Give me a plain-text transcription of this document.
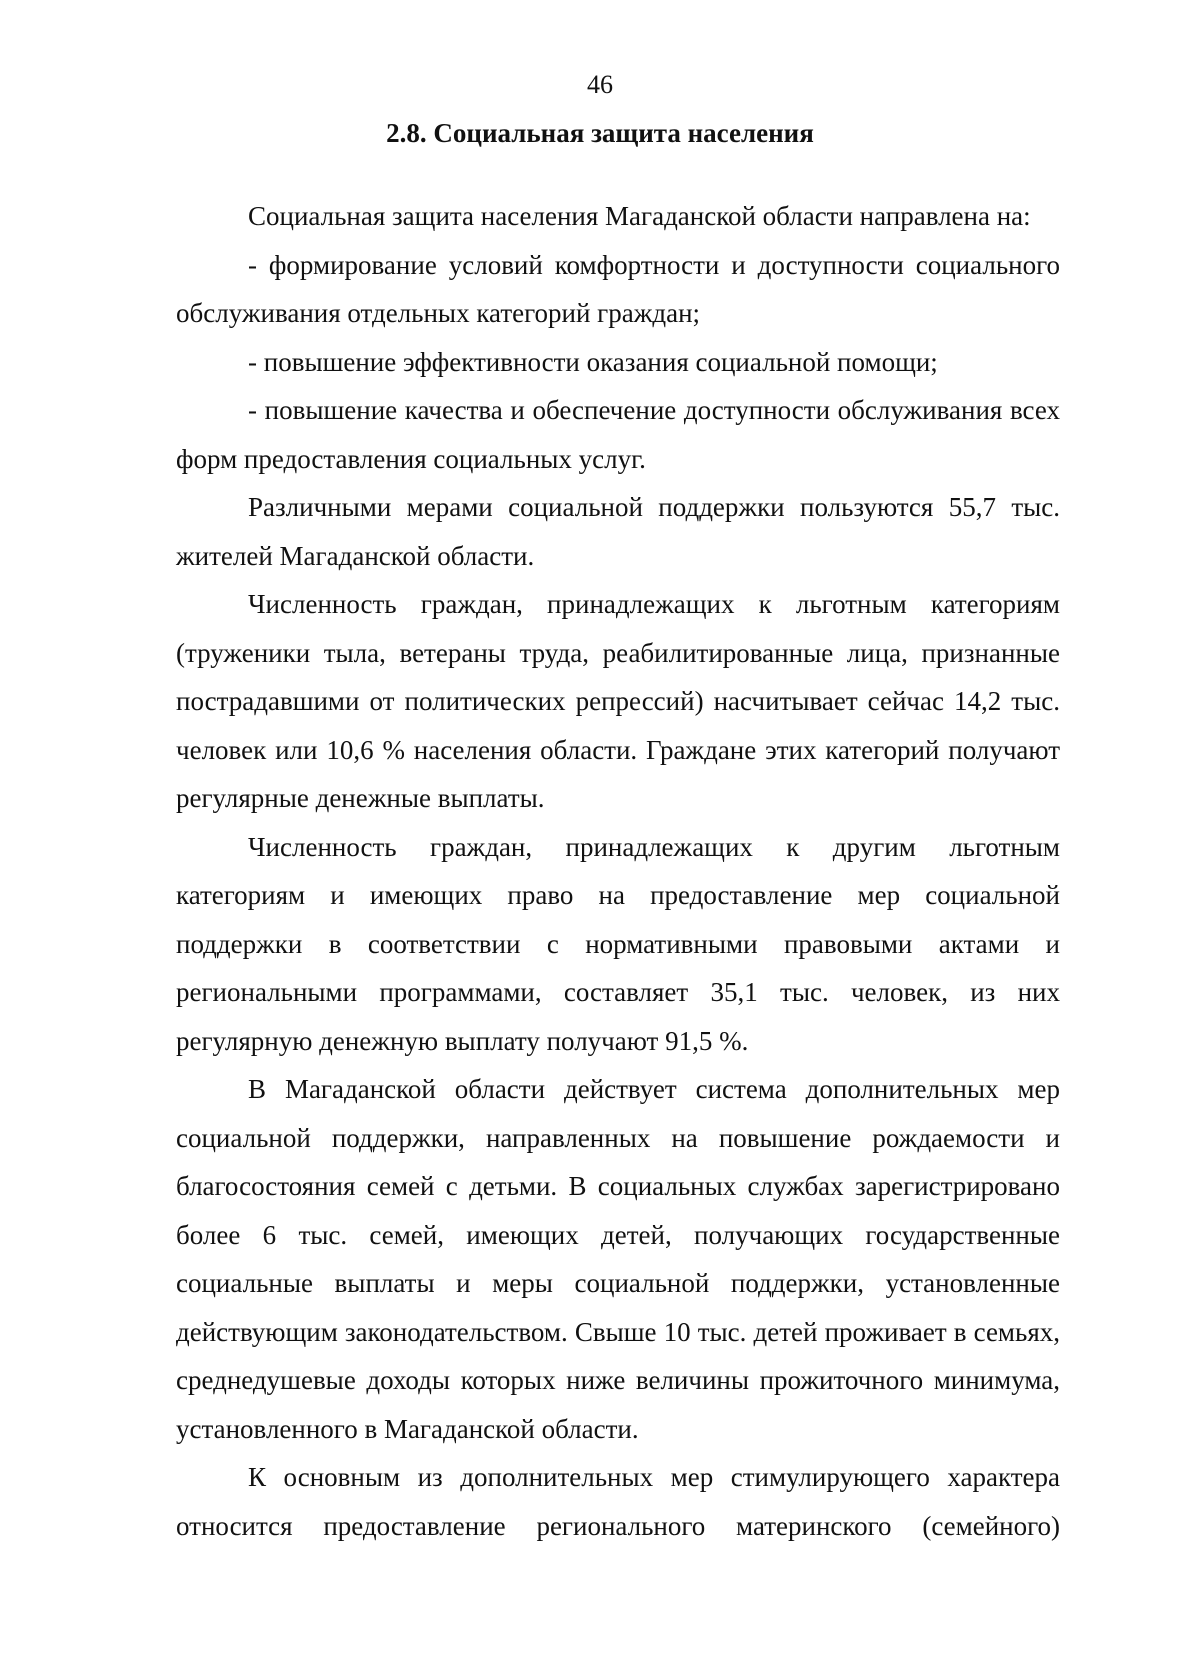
46
2.8. Социальная защита населения

Социальная защита населения Магаданской области направлена на:

- формирование условий комфортности и доступности социального обслуживания отдельных категорий граждан;

- повышение эффективности оказания социальной помощи;

- повышение качества и обеспечение доступности обслуживания всех форм предоставления социальных услуг.

Различными мерами социальной поддержки пользуются 55,7 тыс. жителей Магаданской области.

Численность граждан, принадлежащих к льготным категориям (труженики тыла, ветераны труда, реабилитированные лица, признанные пострадавшими от политических репрессий) насчитывает сейчас 14,2 тыс. человек или 10,6 % населения области. Граждане этих категорий получают регулярные денежные выплаты.

Численность граждан, принадлежащих к другим льготным категориям и имеющих право на предоставление мер социальной поддержки в соответствии с нормативными правовыми актами и региональными программами, составляет 35,1 тыс. человек, из них регулярную денежную выплату получают 91,5 %.

В Магаданской области действует система дополнительных мер социальной поддержки, направленных на повышение рождаемости и благосостояния семей с детьми. В социальных службах зарегистрировано более 6 тыс. семей, имеющих детей, получающих государственные социальные выплаты и меры социальной поддержки, установленные действующим законодательством. Свыше 10 тыс. детей проживает в семьях, среднедушевые доходы которых ниже величины прожиточного минимума, установленного в Магаданской области.

К основным из дополнительных мер стимулирующего характера относится предоставление регионального материнского (семейного)
